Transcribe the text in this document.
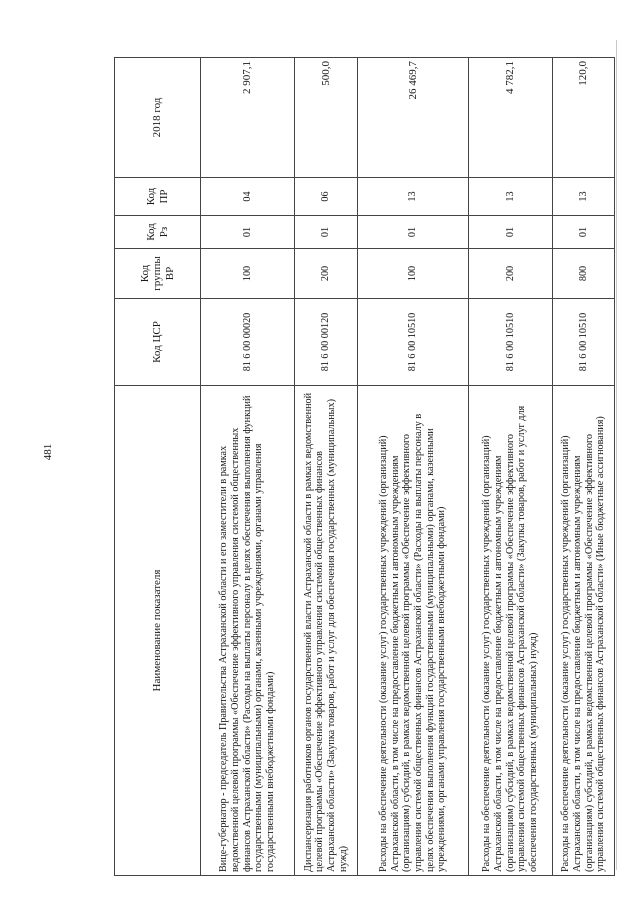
481
Наименование показателя	Код ЦСР	Код группы ВР	Код Рз	Код ПР	2018 год
Вице-губернатор - председатель Правительства Астраханской области и его заместители в рамках ведомственной целевой программы «Обеспечение эффективного управления системой общественных финансов Астраханской области» (Расходы на выплаты персоналу в целях обеспечения выполнения функций государственными (муниципальными) органами, казенными учреждениями, органами управления государственными внебюджетными фондами)	81 6 00 00020	100	01	04	2 907,1
Диспансеризация работников органов государственной власти Астраханской области в рамках ведомственной целевой программы «Обеспечение эффективного управления системой общественных финансов Астраханской области» (Закупка товаров, работ и услуг для обеспечения государственных (муниципальных) нужд)	81 6 00 00120	200	01	06	500,0
Расходы на обеспечение деятельности (оказание услуг) государственных учреждений (организаций) Астраханской области, в том числе на предоставление бюджетным и автономным учреждениям (организациям) субсидий, в рамках ведомственной целевой программы «Обеспечение эффективного управления системой общественных финансов Астраханской области» (Расходы на выплаты персоналу в целях обеспечения выполнения функций государственными (муниципальными) органами, казенными учреждениями, органами управления государственными внебюджетными фондами)	81 6 00 10510	100	01	13	26 469,7
Расходы на обеспечение деятельности (оказание услуг) государственных учреждений (организаций) Астраханской области, в том числе на предоставление бюджетным и автономным учреждениям (организациям) субсидий, в рамках ведомственной целевой программы «Обеспечение эффективного управления системой общественных финансов Астраханской области» (Закупка товаров, работ и услуг для обеспечения государственных (муниципальных) нужд)	81 6 00 10510	200	01	13	4 782,1
Расходы на обеспечение деятельности (оказание услуг) государственных учреждений (организаций) Астраханской области, в том числе на предоставление бюджетным и автономным учреждениям (организациям) субсидий, в рамках ведомственной целевой программы «Обеспечение эффективного управления системой общественных финансов Астраханской области» (Иные бюджетные ассигнования)	81 6 00 10510	800	01	13	120,0
